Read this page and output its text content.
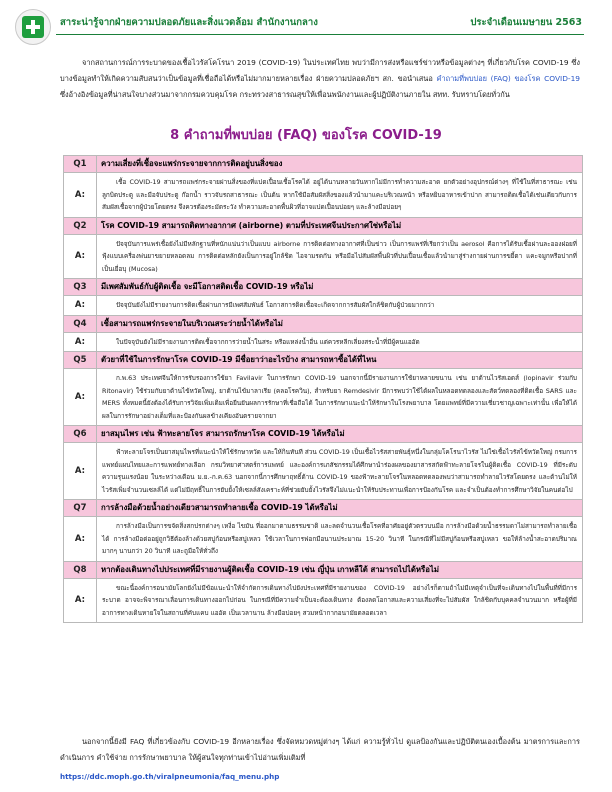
สาระน่ารู้จากฝ่ายความปลอดภัยและสิ่งแวดล้อม สำนักงานกลาง	ประจำเดือนเมษายน 2563
จากสถานการณ์การระบาดของเชื้อไวรัสโคโรนา 2019 (COVID-19) ในประเทศไทย พบว่ามีการส่งหรือแชร์ข่าวหรือข้อมูลต่างๆ ที่เกี่ยวกับโรค COVID-19 ซึ่งบางข้อมูลทำให้เกิดความสับสนว่าเป็นข้อมูลที่เชื่อถือได้หรือไม่มากมายหลายเรื่อง ฝ่ายความปลอดภัยฯ สก. ขอนำเสนอ คำถามที่พบบ่อย (FAQ) ของโรค COVID-19 ซึ่งอ้างอิงข้อมูลที่น่าสนใจบางส่วนมาจากกรมควบคุมโรค กระทรวงสาธารณสุขให้เพื่อนพนักงานและผู้ปฏิบัติงานภายใน สทท. รับทราบโดยทั่วกัน
8 คำถามที่พบบ่อย (FAQ) ของโรค COVID-19
Q1	ความเสี่ยงที่เชื้อจะแพร่กระจายจากการติดอยู่บนสิ่งของ
A:	เชื้อ COVID-19 สามารถแพร่กระจายผ่านสิ่งของที่แปดเปื้อนเชื้อโรคได้ อยู่ได้นานหลายวันหากไม่มีการทำความสะอาด ยกตัวอย่างอุปกรณ์ต่างๆ ที่ใช้ในที่สาธารณะ เช่น ลูกบิดประตู และมือจับประตู ก๊อกน้ำ ราวจับรถสาธารณะ เป็นต้น หากใช้มือสัมผัสสิ่งของแล้วนำมาแคะบริเวณหน้า หรือหยิบอาหารเข้าปาก สามารถติดเชื้อได้เช่นเดียวกับการสัมผัสเชื้อจากผู้ป่วยโดยตรง จึงควรต้องระมัดระวัง ทำความสะอาดพื้นผิวที่อาจแปดเปื้อนบ่อยๆ และล้างมือบ่อยๆ
Q2	โรค COVID-19 สามารถติดทางอากาศ (airborne) ตามที่ประเทศจีนประกาศใช่หรือไม่
A:	ปัจจุบันการแพร่เชื้อยังไม่มีหลักฐานที่หนักแน่นว่าเป็นแบบ airborne การติดต่อทางอากาศที่เป็นข่าว เป็นการแพร่ที่เรียกว่าเป็น aerosol คือการได้รับเชื้อผ่านละอองฝอยที่ฟุ้งแบบเครื่องพ่นยาขยายหลอดลม การติดต่อหลักยังเป็นการอยู่ใกล้ชิด ไอจามรดกัน หรือมือไปสัมผัสพื้นผิวที่ปนเปื้อนเชื้อแล้วนำมาสู่ร่างกายผ่านการขยี้ตา แคะจมูกหรือปากที่เป็นเยื่อบุ (Mucosa)
Q3	มีเพศสัมพันธ์กับผู้ติดเชื้อ จะมีโอกาสติดเชื้อ COVID-19 หรือไม่
A:	ปัจจุบันยังไม่มีรายงานการติดเชื้อผ่านการมีเพศสัมพันธ์ โอกาสการติดเชื้อจะเกิดจากการสัมผัสใกล้ชิดกับผู้ป่วยมากกว่า
Q4	เชื้อสามารถแพร่กระจายในบริเวณสระว่ายน้ำได้หรือไม่
A:	ในปัจจุบันยังไม่มีรายงานการติดเชื้อจากการว่ายน้ำในสระ หรือแหล่งน้ำอื่น แต่ควรหลีกเลี่ยงสระน้ำที่มีผู้คนแออัด
Q5	ตัวยาที่ใช้ในการรักษาโรค COVID-19 มีชื่อยาว่าอะไรบ้าง สามารถหาซื้อได้ที่ไหน
A:	ก.พ.63 ประเทศจีนให้การรับรองการใช้ยา Favilavir ในการรักษา COVID-19 นอกจากนี้มีรายงานการใช้ยาหลายขนาน เช่น ยาต้านไวรัสเอดส์ (lopinavir ร่วมกับ Ritonavir) ใช้ร่วมกับยาต้านไข้หวัดใหญ่, ยาต้านไข้มาลาเรีย (คลอโรควิน), สำหรับยา Remdesivir มีการพบว่าใช้ได้ผลในหลอดทดลองและสัตว์ทดลองที่ติดเชื้อ SARS และ MERS ทั้งหมดนี้ยังต้องได้รับการวิจัยเพิ่มเติมเพื่อยืนยันผลการรักษาที่เชื่อถือได้ ในการรักษาแนะนำให้รักษาในโรงพยาบาล โดยแพทย์ที่มีความเชี่ยวชาญเฉพาะเท่านั้น เพื่อให้ได้ผลในการรักษาอย่างเต็มที่และป้องกันผลข้างเคียงอันตรายจากยา
Q6	ยาสมุนไพร เช่น ฟ้าทะลายโจร สามารถรักษาโรค COVID-19 ได้หรือไม่
A:	ฟ้าทะลายโจรเป็นยาสมุนไพรที่แนะนำให้ใช้รักษาหวัด และให้กินทันที ส่วน COVID-19 เป็นเชื้อไวรัสสายพันธุ์หนึ่งในกลุ่มโคโรนาไวรัส ไม่ใช่เชื้อไวรัสไข้หวัดใหญ่ กรมการแพทย์แผนไทยและการแพทย์ทางเลือก กรมวิทยาศาสตร์การแพทย์ และองค์การเภสัชกรรมได้ศึกษานำร่องผลของยาสารสกัดฟ้าทะลายโจรในผู้ติดเชื้อ COVID-19 ที่มีระดับความรุนแรงน้อย ในระหว่างเดือน ม.ย.-ก.ค.63 นอกจากนี้การศึกษาฤทธิ์ต้าน COVID-19 ของฟ้าทะลายโจรในหลอดทดลองพบว่าสามารถทำลายไวรัสโดยตรง และต้านไม่ให้ไวรัสเพิ่มจำนวนเซลล์ได้ แต่ไม่มีฤทธิ์ในการยับยั้งให้เซลล์สังเคราะห์ที่ช่วยยับยั้งไวรัสจึงไม่แนะนำให้รับประทานเพื่อการป้องกันโรค และจำเป็นต้องทำการศึกษาวิจัยในคนต่อไป
Q7	การล้างมือด้วยน้ำอย่างเดียวสามารถทำลายเชื้อ COVID-19 ได้หรือไม่
A:	การล้างมือเป็นการขจัดสิ่งสกปรกต่างๆ เหงื่อ ไขมัน ที่ออกมาตามธรรมชาติ และลดจำนวนเชื้อโรคที่อาศัยอยู่ตัวตรวบนมือ การล้างมือด้วยน้ำธรรมดาไม่สามารถทำลายเชื้อได้ การล้างมือต่ออยู่ถูกวิธีต้องล้างด้วยสบู่ก้อนหรือสบู่เหลว ใช้เวลาในการฟอกมือนานประมาณ 15-20 วินาที ในกรณีที่ไม่มีสบู่ก้อนหรือสบู่เหลว ขอให้ล้างน้ำสะอาดปริมาณมากๆ นานกว่า 20 วินาที และถูมือให้ทั่วถึง
Q8	หากต้องเดินทางไปประเทศที่มีรายงานผู้ติดเชื้อ COVID-19 เช่น ญี่ปุ่น เกาหลีใต้ สามารถไปได้หรือไม่
A:	ขณะนี้องค์การอนามัยโลกยังไม่มีข้อแนะนำให้จำกัดการเดินทางไปยังประเทศที่มีรายงานของ COVID-19 อย่างไรก็ตามถ้าไม่มีเหตุจำเป็นที่จะเดินทางไปในพื้นที่ที่มีการระบาด อาจจะพิจารณาเลื่อนการเดินทางออกไปก่อน ในกรณีที่มีความจำเป็นจะต้องเดินทาง ต้องลดโอกาสและความเสี่ยงที่จะไปสัมผัส ใกล้ชิดกับบุคคลจำนวนมาก หรือผู้ที่มีอาการทางเดินหายใจในสถานที่คับแคบ แออัด เป็นเวลานาน ล้างมือบ่อยๆ สวมหน้ากากอนามัยตลอดเวลา
นอกจากนี้ยังมี FAQ ที่เกี่ยวข้องกับ COVID-19 อีกหลายเรื่อง ซึ่งจัดหมวดหมู่ต่างๆ ได้แก่ ความรู้ทั่วไป ดูแลป้องกันและปฏิบัติตนเองเบื้องต้น มาตรการและการดำเนินการ คำใช้จ่าย การรักษาพยาบาล ให้ผู้สนใจทุกท่านเข้าไปอ่านเพิ่มเติมที่
https://ddc.moph.go.th/viralpneumonia/faq_menu.php
